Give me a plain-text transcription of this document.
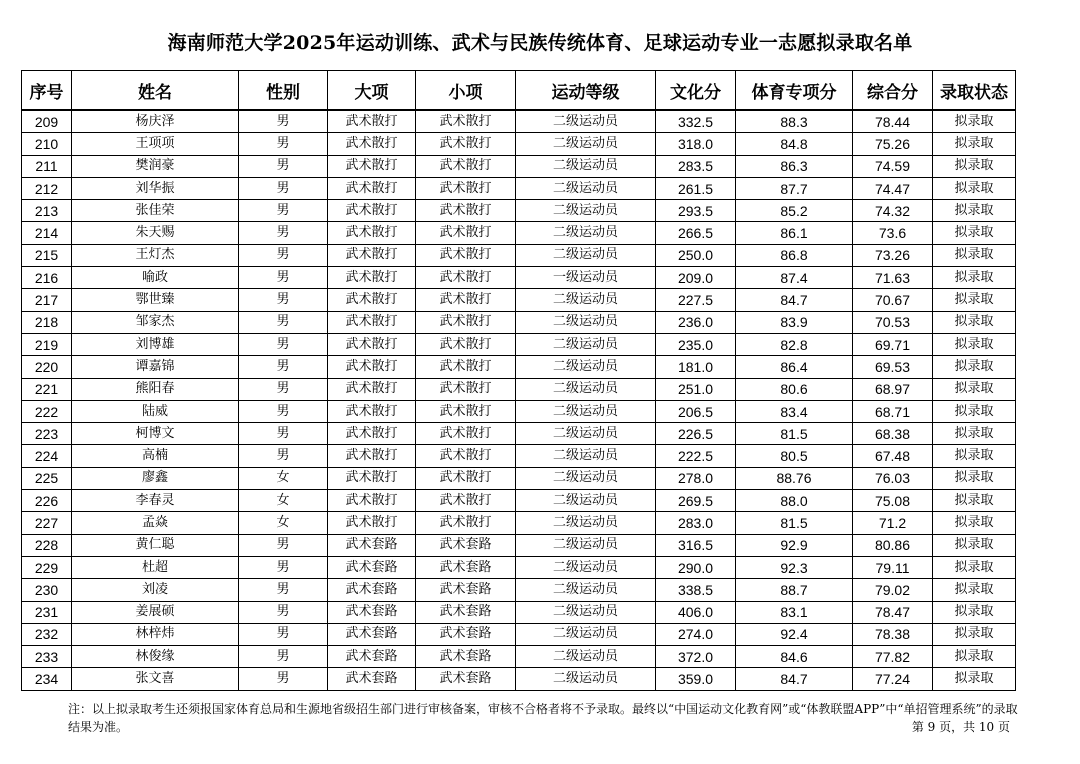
海南师范大学2025年运动训练、武术与民族传统体育、足球运动专业一志愿拟录取名单
序号	姓名	性别	大项	小项	运动等级	文化分	体育专项分	综合分	录取状态
209	杨庆泽	男	武术散打	武术散打	二级运动员	332.5	88.3	78.44	拟录取
210	王项项	男	武术散打	武术散打	二级运动员	318.0	84.8	75.26	拟录取
211	樊润豪	男	武术散打	武术散打	二级运动员	283.5	86.3	74.59	拟录取
212	刘华振	男	武术散打	武术散打	二级运动员	261.5	87.7	74.47	拟录取
213	张佳荣	男	武术散打	武术散打	二级运动员	293.5	85.2	74.32	拟录取
214	朱天赐	男	武术散打	武术散打	二级运动员	266.5	86.1	73.6	拟录取
215	王灯杰	男	武术散打	武术散打	二级运动员	250.0	86.8	73.26	拟录取
216	喻政	男	武术散打	武术散打	一级运动员	209.0	87.4	71.63	拟录取
217	鄂世臻	男	武术散打	武术散打	二级运动员	227.5	84.7	70.67	拟录取
218	邹家杰	男	武术散打	武术散打	二级运动员	236.0	83.9	70.53	拟录取
219	刘博雄	男	武术散打	武术散打	二级运动员	235.0	82.8	69.71	拟录取
220	谭嘉锦	男	武术散打	武术散打	二级运动员	181.0	86.4	69.53	拟录取
221	熊阳春	男	武术散打	武术散打	二级运动员	251.0	80.6	68.97	拟录取
222	陆威	男	武术散打	武术散打	二级运动员	206.5	83.4	68.71	拟录取
223	柯博文	男	武术散打	武术散打	二级运动员	226.5	81.5	68.38	拟录取
224	高楠	男	武术散打	武术散打	二级运动员	222.5	80.5	67.48	拟录取
225	廖鑫	女	武术散打	武术散打	二级运动员	278.0	88.76	76.03	拟录取
226	李春灵	女	武术散打	武术散打	二级运动员	269.5	88.0	75.08	拟录取
227	孟焱	女	武术散打	武术散打	二级运动员	283.0	81.5	71.2	拟录取
228	黄仁聪	男	武术套路	武术套路	二级运动员	316.5	92.9	80.86	拟录取
229	杜超	男	武术套路	武术套路	二级运动员	290.0	92.3	79.11	拟录取
230	刘凌	男	武术套路	武术套路	二级运动员	338.5	88.7	79.02	拟录取
231	姜展硕	男	武术套路	武术套路	二级运动员	406.0	83.1	78.47	拟录取
232	林梓炜	男	武术套路	武术套路	二级运动员	274.0	92.4	78.38	拟录取
233	林俊缘	男	武术套路	武术套路	二级运动员	372.0	84.6	77.82	拟录取
234	张文喜	男	武术套路	武术套路	二级运动员	359.0	84.7	77.24	拟录取
注：以上拟录取考生还须报国家体育总局和生源地省级招生部门进行审核备案，审核不合格者将不予录取。最终以“中国运动文化教育网”或“体教联盟APP”中“单招管理系统”的录取结果为准。	第 9 页，共 10 页
